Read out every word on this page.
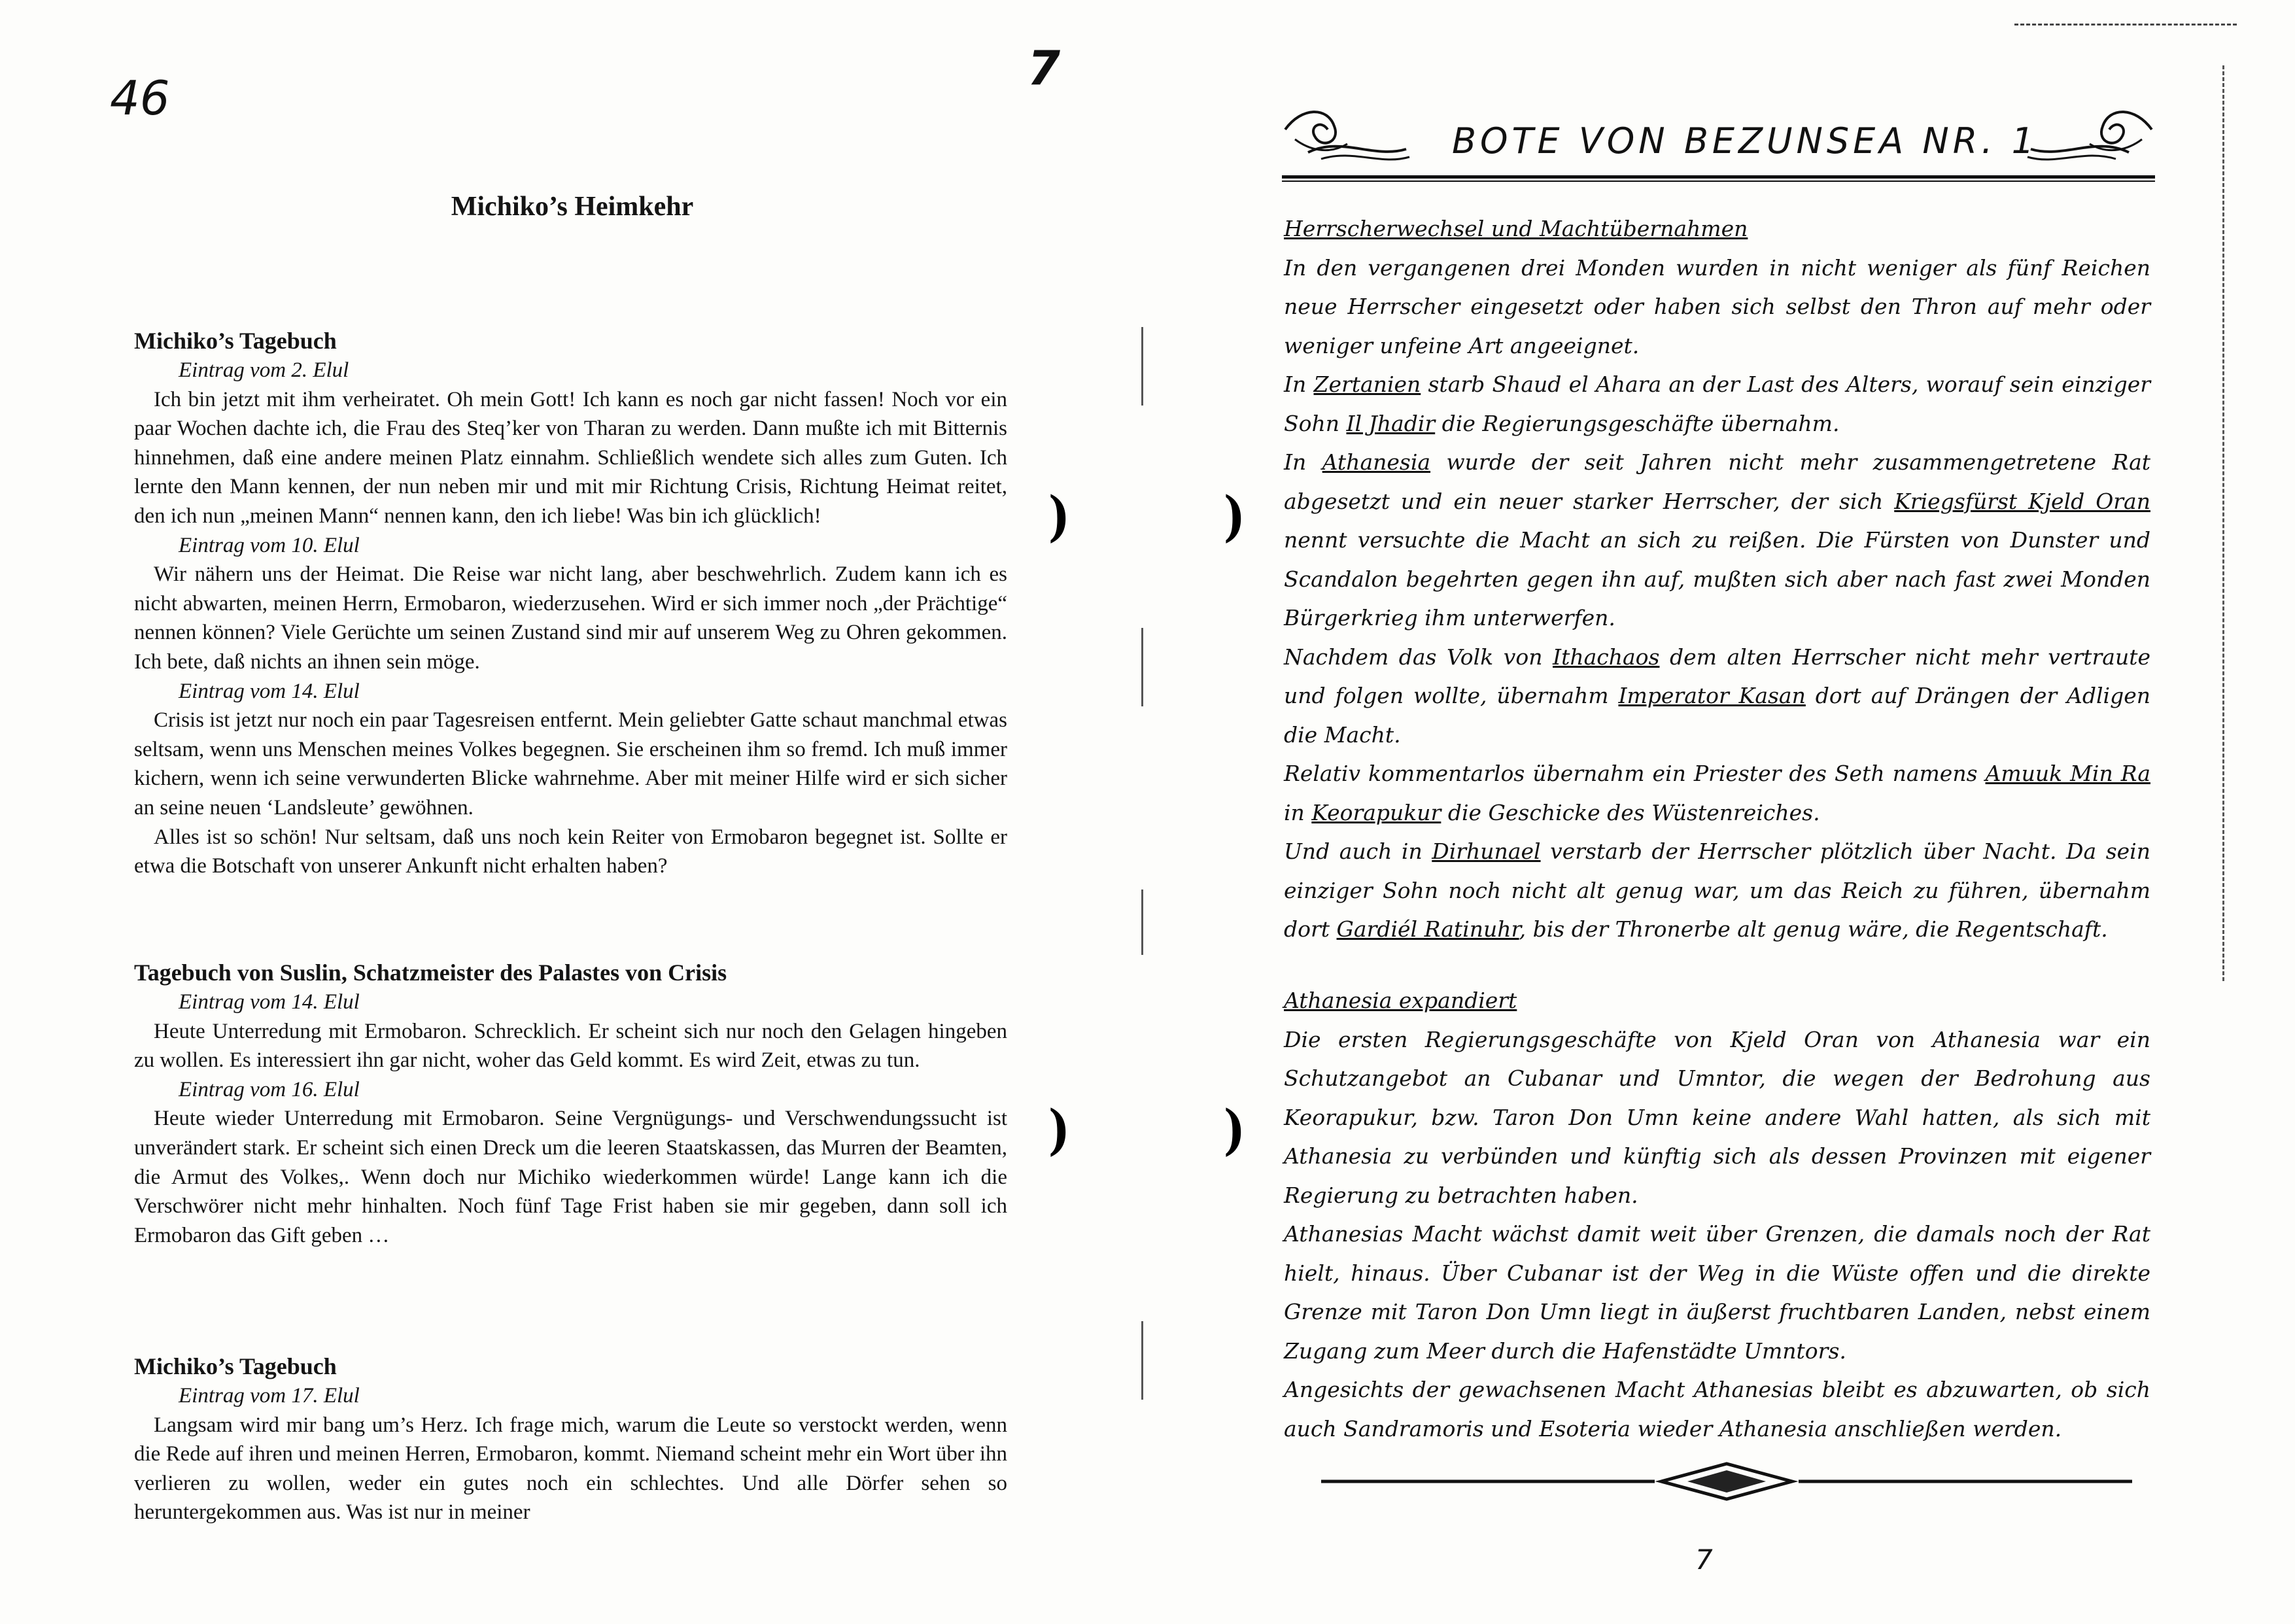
46
Michiko’s Heimkehr
Michiko’s Tagebuch
Eintrag vom 2. Elul

Ich bin jetzt mit ihm verheiratet. Oh mein Gott! Ich kann es noch gar nicht fassen! Noch vor ein paar Wochen dachte ich, die Frau des Steq’ker von Tharan zu werden. Dann mußte ich mit Bitternis hinnehmen, daß eine andere meinen Platz einnahm. Schließlich wendete sich alles zum Guten. Ich lernte den Mann kennen, der nun neben mir und mit mir Richtung Crisis, Richtung Heimat reitet, den ich nun „meinen Mann“ nennen kann, den ich liebe! Was bin ich glücklich!

Eintrag vom 10. Elul

Wir nähern uns der Heimat. Die Reise war nicht lang, aber beschwehrlich. Zudem kann ich es nicht abwarten, meinen Herrn, Ermobaron, wiederzusehen. Wird er sich immer noch „der Prächtige“ nennen können? Viele Gerüchte um seinen Zustand sind mir auf unserem Weg zu Ohren gekommen. Ich bete, daß nichts an ihnen sein möge.

Eintrag vom 14. Elul

Crisis ist jetzt nur noch ein paar Tagesreisen entfernt. Mein geliebter Gatte schaut manchmal etwas seltsam, wenn uns Menschen meines Volkes begegnen. Sie erscheinen ihm so fremd. Ich muß immer kichern, wenn ich seine verwunderten Blicke wahrnehme. Aber mit meiner Hilfe wird er sich sicher an seine neuen ‘Landsleute’ gewöhnen.

Alles ist so schön! Nur seltsam, daß uns noch kein Reiter von Ermobaron begegnet ist. Sollte er etwa die Botschaft von unserer Ankunft nicht erhalten haben?

Tagebuch von Suslin, Schatzmeister des Palastes von Crisis
Eintrag vom 14. Elul

Heute Unterredung mit Ermobaron. Schrecklich. Er scheint sich nur noch den Gelagen hingeben zu wollen. Es interessiert ihn gar nicht, woher das Geld kommt. Es wird Zeit, etwas zu tun.

Eintrag vom 16. Elul

Heute wieder Unterredung mit Ermobaron. Seine Vergnügungs- und Verschwendungssucht ist unverändert stark. Er scheint sich einen Dreck um die leeren Staatskassen, das Murren der Beamten, die Armut des Volkes,. Wenn doch nur Michiko wiederkommen würde! Lange kann ich die Verschwörer nicht mehr hinhalten. Noch fünf Tage Frist haben sie mir gegeben, dann soll ich Ermobaron das Gift geben …

Michiko’s Tagebuch
Eintrag vom 17. Elul

Langsam wird mir bang um’s Herz. Ich frage mich, warum die Leute so verstockt werden, wenn die Rede auf ihren und meinen Herren, Ermobaron, kommt. Niemand scheint mehr ein Wort über ihn verlieren zu wollen, weder ein gutes noch ein schlechtes. Und alle Dörfer sehen so heruntergekommen aus. Was ist nur in meiner

)
)
)
)
7
BOTE VON BEZUNSEA NR. 1
Herrscherwechsel und Machtübernahmen

In den vergangenen drei Monden wurden in nicht weniger als fünf Reichen neue Herrscher eingesetzt oder haben sich selbst den Thron auf mehr oder weniger unfeine Art angeeignet.

In Zertanien starb Shaud el Ahara an der Last des Alters, worauf sein einziger Sohn Il Jhadir die Regierungsgeschäfte übernahm.

In Athanesia wurde der seit Jahren nicht mehr zusammengetretene Rat abgesetzt und ein neuer starker Herrscher, der sich Kriegsfürst Kjeld Oran nennt versuchte die Macht an sich zu reißen. Die Fürsten von Dunster und Scandalon begehrten gegen ihn auf, mußten sich aber nach fast zwei Monden Bürgerkrieg ihm unterwerfen.

Nachdem das Volk von Ithachaos dem alten Herrscher nicht mehr vertraute und folgen wollte, übernahm Imperator Kasan dort auf Drängen der Adligen die Macht.

Relativ kommentarlos übernahm ein Priester des Seth namens Amuuk Min Ra in Keorapukur die Geschicke des Wüstenreiches.

Und auch in Dirhunael verstarb der Herrscher plötzlich über Nacht. Da sein einziger Sohn noch nicht alt genug war, um das Reich zu führen, übernahm dort Gardiél Ratinuhr, bis der Thronerbe alt genug wäre, die Regentschaft.

Athanesia expandiert

Die ersten Regierungsgeschäfte von Kjeld Oran von Athanesia war ein Schutzangebot an Cubanar und Umntor, die wegen der Bedrohung aus Keorapukur, bzw. Taron Don Umn keine andere Wahl hatten, als sich mit Athanesia zu verbünden und künftig sich als dessen Provinzen mit eigener Regierung zu betrachten haben.

Athanesias Macht wächst damit weit über Grenzen, die damals noch der Rat hielt, hinaus. Über Cubanar ist der Weg in die Wüste offen und die direkte Grenze mit Taron Don Umn liegt in äußerst fruchtbaren Landen, nebst einem Zugang zum Meer durch die Hafenstädte Umntors.

Angesichts der gewachsenen Macht Athanesias bleibt es abzuwarten, ob sich auch Sandramoris und Esoteria wieder Athanesia anschließen werden.

7
